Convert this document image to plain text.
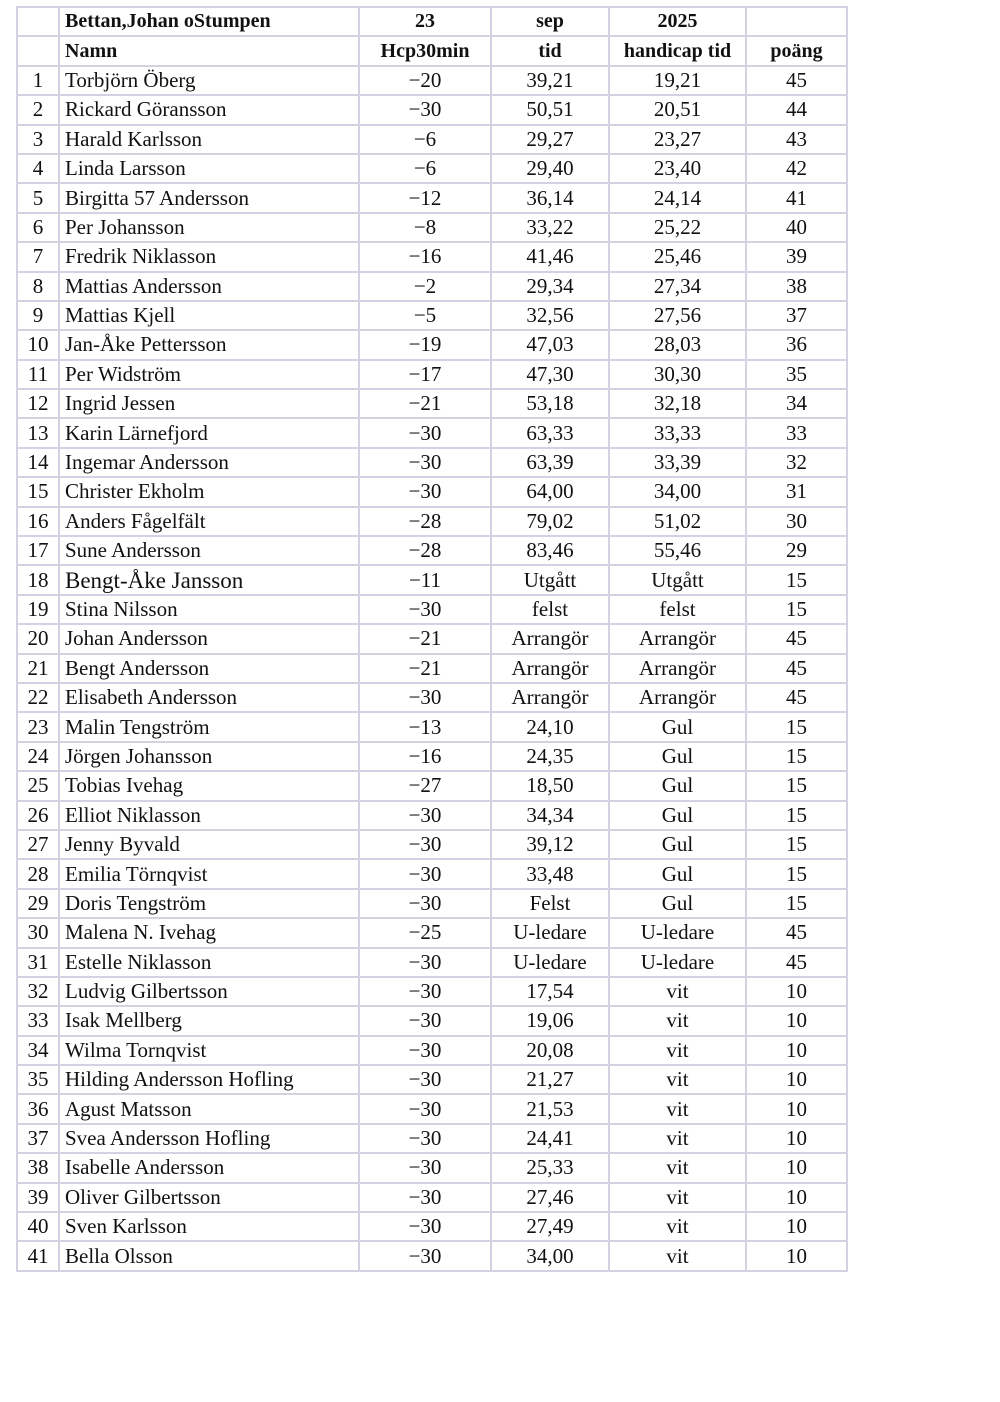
	Bettan,Johan oStumpen	23	sep	2025	
	Namn	Hcp30min	tid	handicap tid	poäng
1	Torbjörn Öberg	−20	39,21	19,21	45
2	Rickard Göransson	−30	50,51	20,51	44
3	Harald Karlsson	−6	29,27	23,27	43
4	Linda Larsson	−6	29,40	23,40	42
5	Birgitta 57 Andersson	−12	36,14	24,14	41
6	Per Johansson	−8	33,22	25,22	40
7	Fredrik Niklasson	−16	41,46	25,46	39
8	Mattias Andersson	−2	29,34	27,34	38
9	Mattias Kjell	−5	32,56	27,56	37
10	Jan-Åke Pettersson	−19	47,03	28,03	36
11	Per Widström	−17	47,30	30,30	35
12	Ingrid Jessen	−21	53,18	32,18	34
13	Karin Lärnefjord	−30	63,33	33,33	33
14	Ingemar Andersson	−30	63,39	33,39	32
15	Christer Ekholm	−30	64,00	34,00	31
16	Anders Fågelfält	−28	79,02	51,02	30
17	Sune Andersson	−28	83,46	55,46	29
18	Bengt-Åke Jansson	−11	Utgått	Utgått	15
19	Stina Nilsson	−30	felst	felst	15
20	Johan Andersson	−21	Arrangör	Arrangör	45
21	Bengt Andersson	−21	Arrangör	Arrangör	45
22	Elisabeth Andersson	−30	Arrangör	Arrangör	45
23	Malin Tengström	−13	24,10	Gul	15
24	Jörgen Johansson	−16	24,35	Gul	15
25	Tobias Ivehag	−27	18,50	Gul	15
26	Elliot Niklasson	−30	34,34	Gul	15
27	Jenny Byvald	−30	39,12	Gul	15
28	Emilia Törnqvist	−30	33,48	Gul	15
29	Doris Tengström	−30	Felst	Gul	15
30	Malena N. Ivehag	−25	U-ledare	U-ledare	45
31	Estelle Niklasson	−30	U-ledare	U-ledare	45
32	Ludvig Gilbertsson	−30	17,54	vit	10
33	Isak Mellberg	−30	19,06	vit	10
34	Wilma Tornqvist	−30	20,08	vit	10
35	Hilding Andersson Hofling	−30	21,27	vit	10
36	Agust Matsson	−30	21,53	vit	10
37	Svea Andersson Hofling	−30	24,41	vit	10
38	Isabelle Andersson	−30	25,33	vit	10
39	Oliver Gilbertsson	−30	27,46	vit	10
40	Sven Karlsson	−30	27,49	vit	10
41	Bella Olsson	−30	34,00	vit	10
